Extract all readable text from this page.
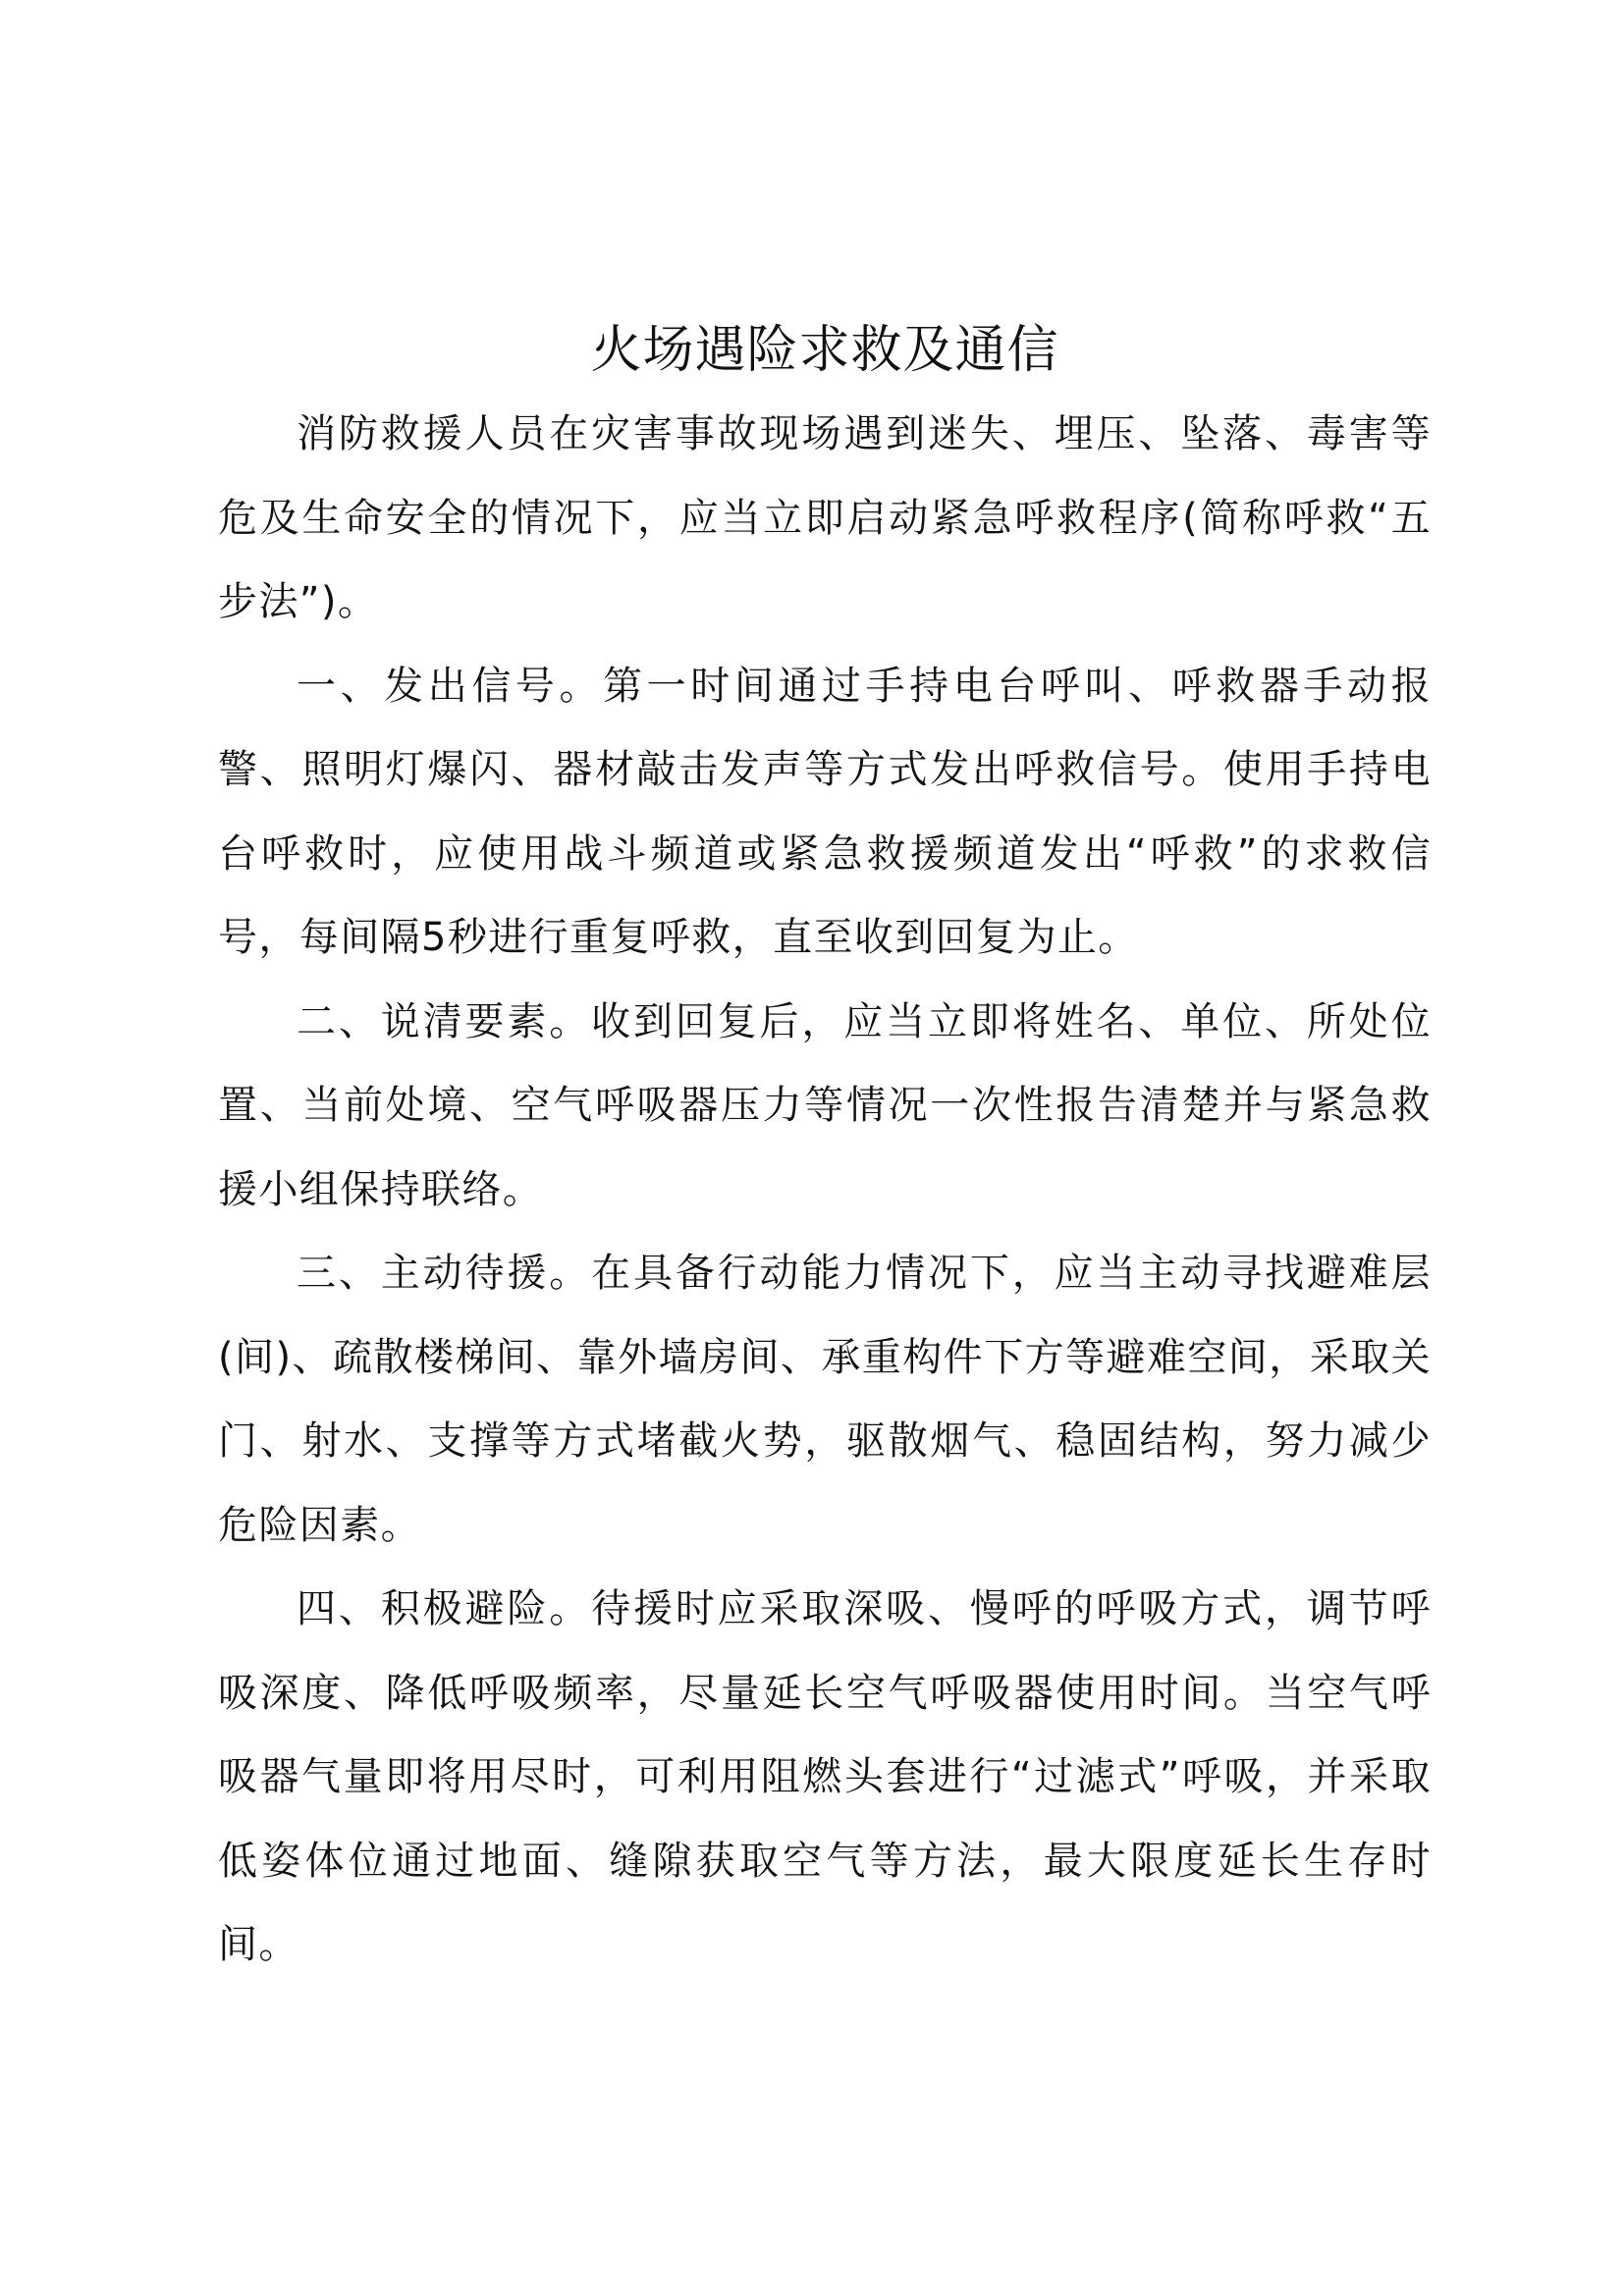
火场遇险求救及通信

消防救援人员在灾害事故现场遇到迷失、埋压、坠落、毒害等危及生命安全的情况下，应当立即启动紧急呼救程序(简称呼救“五步法”)。

一、发出信号。第一时间通过手持电台呼叫、呼救器手动报警、照明灯爆闪、器材敲击发声等方式发出呼救信号。使用手持电台呼救时，应使用战斗频道或紧急救援频道发出“呼救”的求救信号，每间隔5秒进行重复呼救，直至收到回复为止。

二、说清要素。收到回复后，应当立即将姓名、单位、所处位置、当前处境、空气呼吸器压力等情况一次性报告清楚并与紧急救援小组保持联络。

三、主动待援。在具备行动能力情况下，应当主动寻找避难层(间)、疏散楼梯间、靠外墙房间、承重构件下方等避难空间，采取关门、射水、支撑等方式堵截火势，驱散烟气、稳固结构，努力减少危险因素。

四、积极避险。待援时应采取深吸、慢呼的呼吸方式，调节呼吸深度、降低呼吸频率，尽量延长空气呼吸器使用时间。当空气呼吸器气量即将用尽时，可利用阻燃头套进行“过滤式”呼吸，并采取低姿体位通过地面、缝隙获取空气等方法，最大限度延长生存时间。
